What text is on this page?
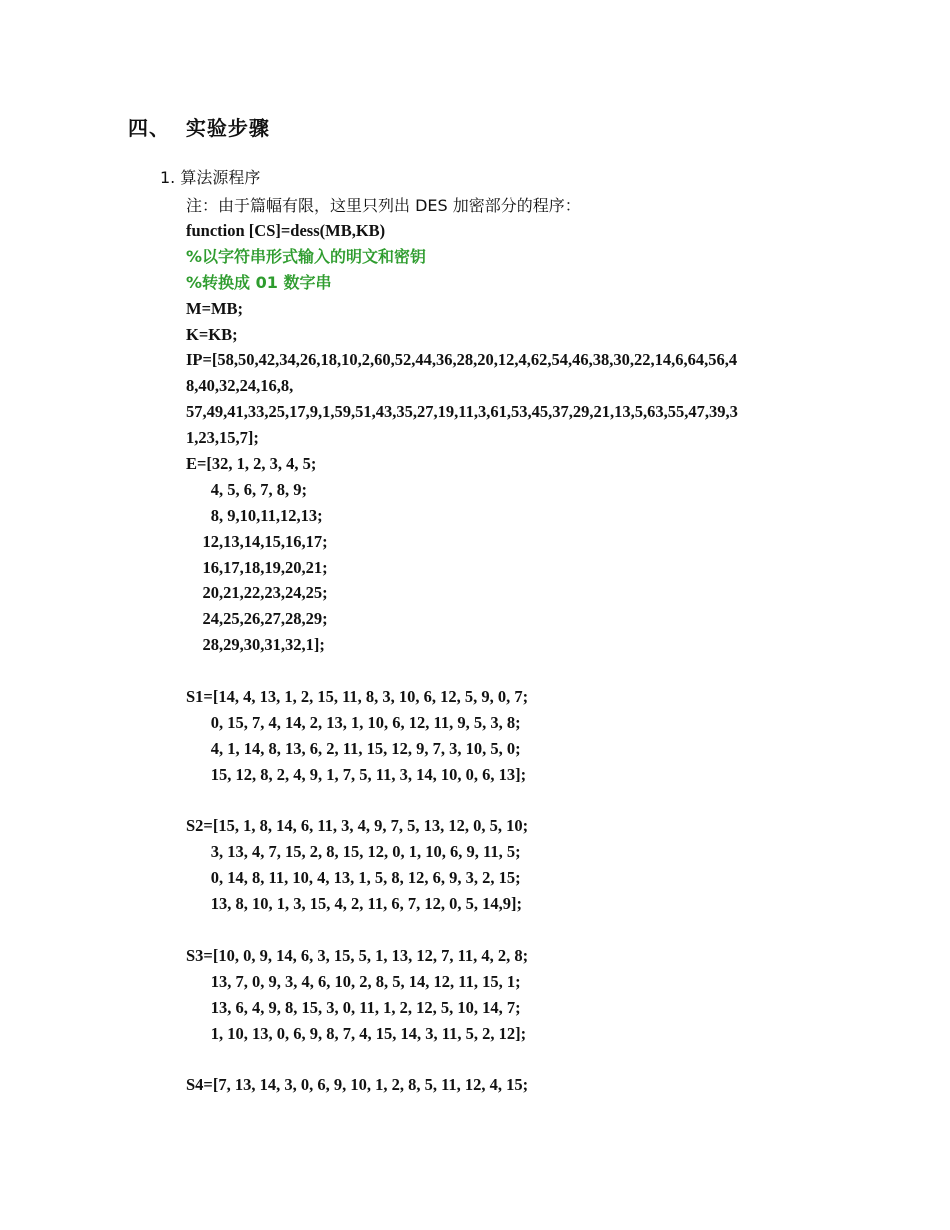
四、  实验步骤
1. 算法源程序
注：由于篇幅有限，这里只列出 DES 加密部分的程序：
function [CS]=dess(MB,KB)
%以字符串形式输入的明文和密钥
%转换成 01 数字串
M=MB;
K=KB;
IP=[58,50,42,34,26,18,10,2,60,52,44,36,28,20,12,4,62,54,46,38,30,22,14,6,64,56,4
8,40,32,24,16,8,
57,49,41,33,25,17,9,1,59,51,43,35,27,19,11,3,61,53,45,37,29,21,13,5,63,55,47,39,3
1,23,15,7];
E=[32, 1, 2, 3, 4, 5;
4, 5, 6, 7, 8, 9;
8, 9,10,11,12,13;
12,13,14,15,16,17;
16,17,18,19,20,21;
20,21,22,23,24,25;
24,25,26,27,28,29;
28,29,30,31,32,1];
S1=[14, 4, 13, 1, 2, 15, 11, 8, 3, 10, 6, 12, 5, 9, 0, 7;
0, 15, 7, 4, 14, 2, 13, 1, 10, 6, 12, 11, 9, 5, 3, 8;
4, 1, 14, 8, 13, 6, 2, 11, 15, 12, 9, 7, 3, 10, 5, 0;
15, 12, 8, 2, 4, 9, 1, 7, 5, 11, 3, 14, 10, 0, 6, 13];
S2=[15, 1, 8, 14, 6, 11, 3, 4, 9, 7, 5, 13, 12, 0, 5, 10;
3, 13, 4, 7, 15, 2, 8, 15, 12, 0, 1, 10, 6, 9, 11, 5;
0, 14, 8, 11, 10, 4, 13, 1, 5, 8, 12, 6, 9, 3, 2, 15;
13, 8, 10, 1, 3, 15, 4, 2, 11, 6, 7, 12, 0, 5, 14,9];
S3=[10, 0, 9, 14, 6, 3, 15, 5, 1, 13, 12, 7, 11, 4, 2, 8;
13, 7, 0, 9, 3, 4, 6, 10, 2, 8, 5, 14, 12, 11, 15, 1;
13, 6, 4, 9, 8, 15, 3, 0, 11, 1, 2, 12, 5, 10, 14, 7;
1, 10, 13, 0, 6, 9, 8, 7, 4, 15, 14, 3, 11, 5, 2, 12];
S4=[7, 13, 14, 3, 0, 6, 9, 10, 1, 2, 8, 5, 11, 12, 4, 15;
